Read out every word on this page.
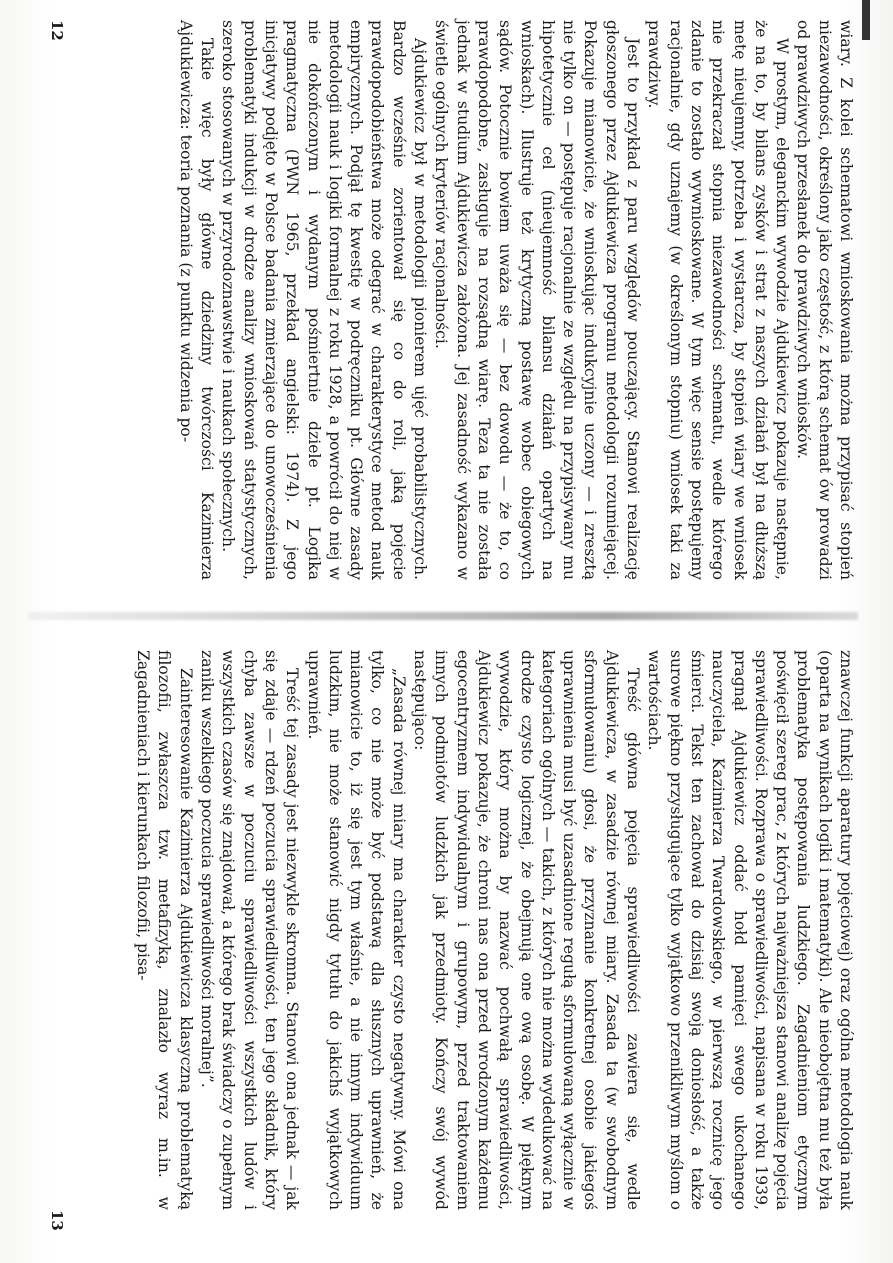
wiary. Z kolei schematowi wnioskowania można przypisać stopień niezawodności, określony jako częstość, z którą schemat ów prowadzi od prawdziwych przesłanek do prawdziwych wniosków.

W prostym, eleganckim wywodzie Ajdukiewicz pokazuje następnie, że na to, by bilans zysków i strat z naszych działań był na dłuższą metę nieujemny, potrzeba i wystarcza, by stopień wiary we wniosek nie przekraczał stopnia niezawodności schematu, wedle którego zdanie to zostało wywnioskowane. W tym więc sensie postępujemy racjonalnie, gdy uznajemy (w określonym stopniu) wniosek taki za prawdziwy.

Jest to przykład z paru względów pouczający. Stanowi realizację głoszonego przez Ajdukiewicza programu metodologii rozumiejącej. Pokazuje mianowicie, że wnioskując indukcyjnie uczony — i zresztą nie tylko on — postępuje racjonalnie ze względu na przypisywany mu hipotetycznie cel (nieujemność bilansu działań opartych na wnioskach). Ilustruje też krytyczną postawę wobec obiegowych sądów. Potocznie bowiem uważa się — bez dowodu — że to, co prawdopodobne, zasługuje na rozsądną wiarę. Teza ta nie została jednak w studium Ajdukiewicza założona. Jej zasadność wykazano w świetle ogólnych kryteriów racjonalności.

Ajdukiewicz był w metodologii pionierem ujęć probabilistycznych. Bardzo wcześnie zorientował się co do roli, jaką pojęcie prawdopodobieństwa może odegrać w charakterystyce metod nauk empirycznych. Podjął tę kwestię w podręczniku pt. Główne zasady metodologii nauk i logiki formalnej z roku 1928, a powrócił do niej w nie dokończonym i wydanym pośmiertnie dziele pt. Logika pragmatyczna (PWN 1965, przekład angielski: 1974). Z jego inicjatywy podjęto w Polsce badania zmierzające do unowocześnienia problematyki indukcji w drodze analizy wnioskowań statystycznych, szeroko stosowanych w przyrodoznawstwie i naukach społecznych.

Takie więc były główne dziedziny twórczości Kazimierza Ajdukiewicza: teoria poznania (z punktu widzenia po-

12

znawczej funkcji aparatury pojęciowej) oraz ogólna metodologia nauk (oparta na wynikach logiki i matematyki). Ale nieobojętna mu też była problematyka postępowania ludzkiego. Zagadnieniom etycznym poświęcił szereg prac, z których najważniejsza stanowi analizę pojęcia sprawiedliwości. Rozprawa o sprawiedliwości, napisana w roku 1939, pragnął Ajdukiewicz oddać hołd pamięci swego ukochanego nauczyciela, Kazimierza Twardowskiego, w pierwszą rocznicę jego śmierci. Tekst ten zachował do dzisiaj swoją doniosłość, a także surowe piękno przysługujące tylko wyjątkowo przenikliwym myślom o wartościach.

Treść główna pojęcia sprawiedliwości zawiera się, wedle Ajdukiewicza, w zasadzie równej miary. Zasada ta (w swobodnym sformułowaniu) głosi, że przyznanie konkretnej osobie jakiegoś uprawnienia musi być uzasadnione regułą sformułowaną wyłącznie w kategoriach ogólnych — takich, z których nie można wydedukować na drodze czysto logicznej, że obejmują one ową osobę. W pięknym wywodzie, który można by nazwać pochwałą sprawiedliwości, Ajdukiewicz pokazuje, że chroni nas ona przed wrodzonym każdemu egocentryzmem indywidualnym i grupowym, przed traktowaniem innych podmiotów ludzkich jak przedmioty. Kończy swój wywód następująco:

„Zasada równej miary ma charakter czysto negatywny. Mówi ona tylko, co nie może być podstawą dla słusznych uprawnień, że mianowicie to, iż się jest tym właśnie, a nie innym indywiduum ludzkim, nie może stanowić nigdy tytułu do jakichś wyjątkowych uprawnień.

Treść tej zasady jest niezwykle skromna. Stanowi ona jednak — jak się zdaje — rdzeń poczucia sprawiedliwości, ten jego składnik, który chyba zawsze w poczuciu sprawiedliwości wszystkich ludów i wszystkich czasów się znajdował, a którego brak świadczy o zupełnym zaniku wszelkiego poczucia sprawiedliwości moralnej”.

Zainteresowanie Kazimierza Ajdukiewicza klasyczną problematyką filozofii, zwłaszcza tzw. metafizyką, znalazło wyraz m.in. w Zagadnieniach i kierunkach filozofii, pisa-

13
